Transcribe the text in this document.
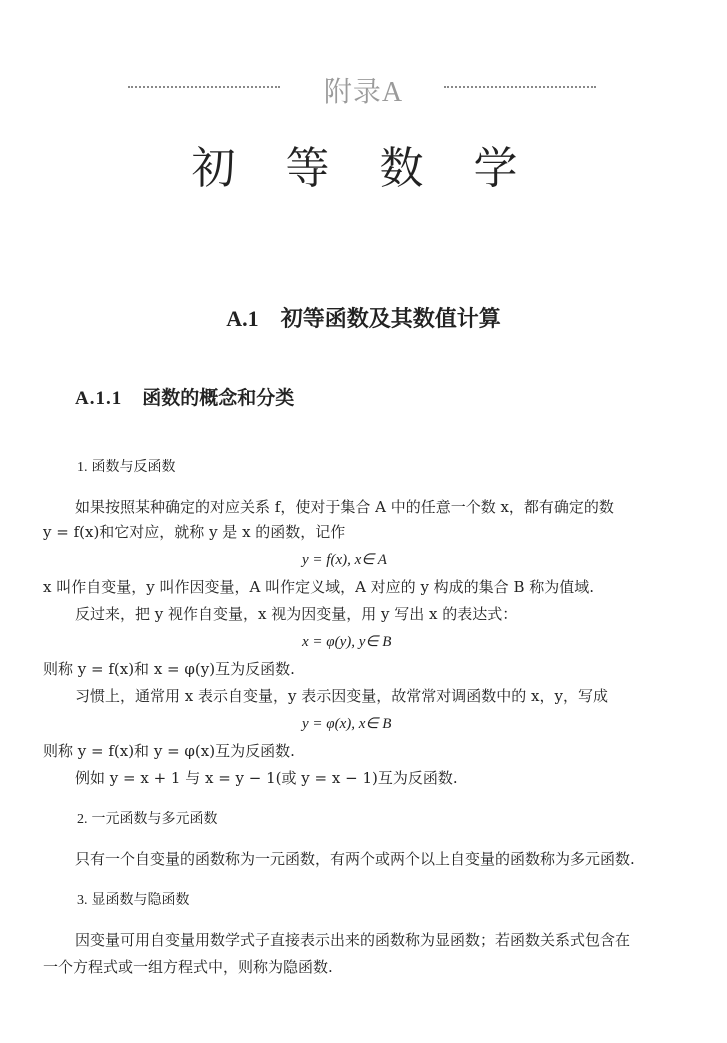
附录A
初 等 数 学
A.1 初等函数及其数值计算
A.1.1 函数的概念和分类
1. 函数与反函数
如果按照某种确定的对应关系 f，使对于集合 A 中的任意一个数 x，都有确定的数
y = f(x)和它对应，就称 y 是 x 的函数，记作
y = f(x), x∈ A
x 叫作自变量，y 叫作因变量，A 叫作定义域，A 对应的 y 构成的集合 B 称为值域.
反过来，把 y 视作自变量，x 视为因变量，用 y 写出 x 的表达式：
x = φ(y), y∈ B
则称 y = f(x)和 x = φ(y)互为反函数.
习惯上，通常用 x 表示自变量，y 表示因变量，故常常对调函数中的 x，y，写成
y = φ(x), x∈ B
则称 y = f(x)和 y = φ(x)互为反函数.
例如 y = x + 1 与 x = y − 1(或 y = x − 1)互为反函数.
2. 一元函数与多元函数
只有一个自变量的函数称为一元函数，有两个或两个以上自变量的函数称为多元函数.
3. 显函数与隐函数
因变量可用自变量用数学式子直接表示出来的函数称为显函数；若函数关系式包含在
一个方程式或一组方程式中，则称为隐函数.
